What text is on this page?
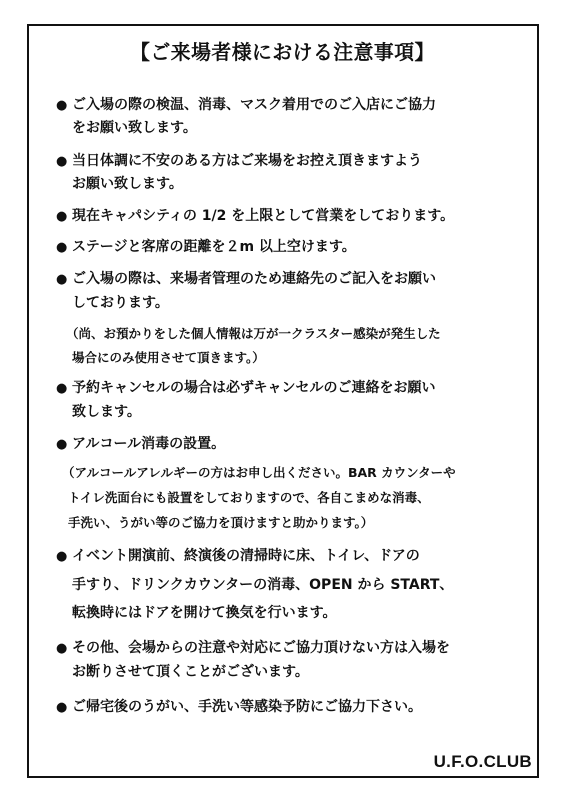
【ご来場者様における注意事項】
● ご入場の際の検温、消毒、マスク着用でのご入店にご協力
をお願い致します。
● 当日体調に不安のある方はご来場をお控え頂きますよう
お願い致します。
● 現在キャパシティの 1/2 を上限として営業をしております。
● ステージと客席の距離を２m 以上空けます。
● ご入場の際は、来場者管理のため連絡先のご記入をお願い
しております。
（尚、お預かりをした個人情報は万が一クラスター感染が発生した
場合にのみ使用させて頂きます。）
● 予約キャンセルの場合は必ずキャンセルのご連絡をお願い
致します。
● アルコール消毒の設置。
（アルコールアレルギーの方はお申し出ください。BAR カウンターや
トイレ洗面台にも設置をしておりますので、各自こまめな消毒、
手洗い、うがい等のご協力を頂けますと助かります。）
● イベント開演前、終演後の清掃時に床、トイレ、ドアの
手すり、ドリンクカウンターの消毒、OPEN から START、
転換時にはドアを開けて換気を行います。
● その他、会場からの注意や対応にご協力頂けない方は入場を
お断りさせて頂くことがございます。
● ご帰宅後のうがい、手洗い等感染予防にご協力下さい。
U.F.O.CLUB
